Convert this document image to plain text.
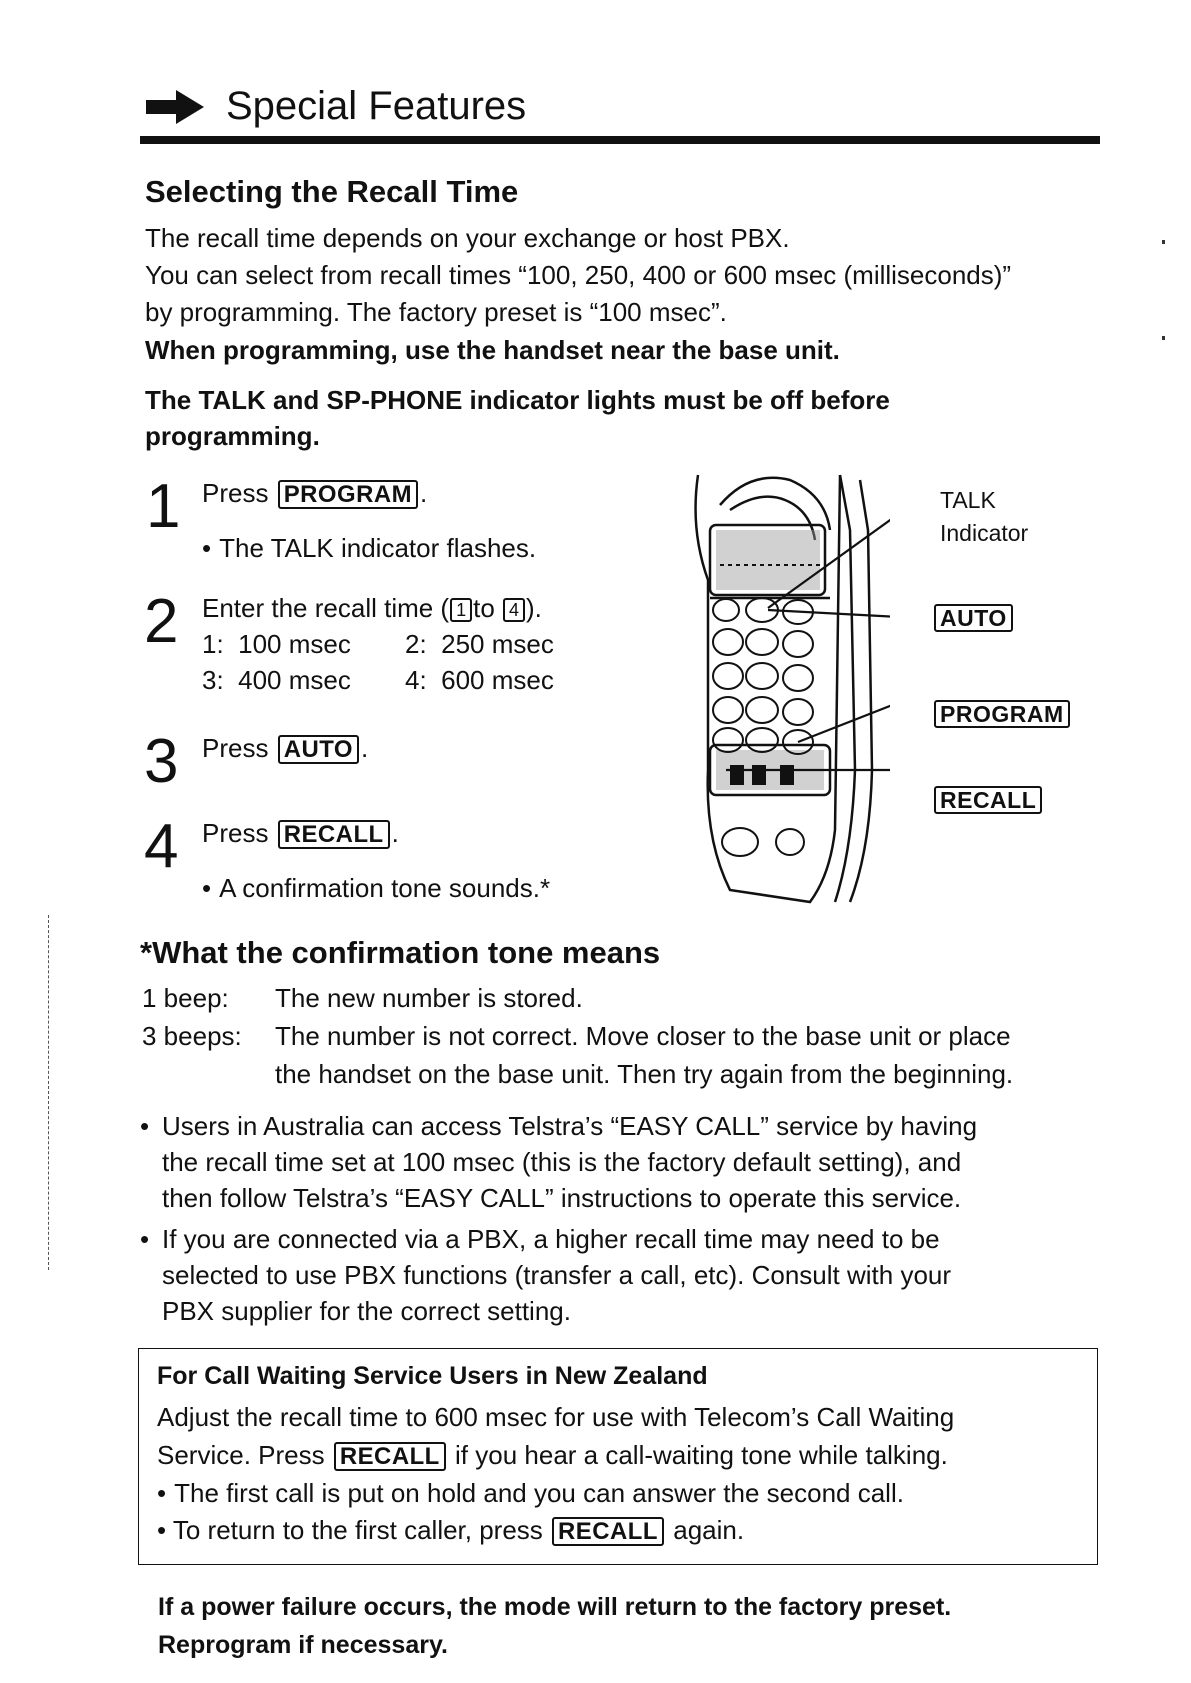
Special Features
Selecting the Recall Time
The recall time depends on your exchange or host PBX.
You can select from recall times “100, 250, 400 or 600 msec (milliseconds)”
by programming. The factory preset is “100 msec”.
When programming, use the handset near the base unit.
The TALK and SP-PHONE indicator lights must be off before
programming.
1 Press PROGRAM .
• The TALK indicator flashes.
2 Enter the recall time ( 1 to 4 ).
1:  100 msec 2:  250 msec
3:  400 msec 4:  600 msec
3 Press AUTO .
4 Press RECALL .
• A confirmation tone sounds.*
TALK
Indicator
AUTO
PROGRAM
RECALL
*What the confirmation tone means
1 beep: The new number is stored.
3 beeps: The number is not correct. Move closer to the base unit or place
the handset on the base unit. Then try again from the beginning.
• Users in Australia can access Telstra’s “EASY CALL” service by having
the recall time set at 100 msec (this is the factory default setting), and
then follow Telstra’s “EASY CALL” instructions to operate this service.
• If you are connected via a PBX, a higher recall time may need to be
selected to use PBX functions (transfer a call, etc). Consult with your
PBX supplier for the correct setting.
For Call Waiting Service Users in New Zealand
Adjust the recall time to 600 msec for use with Telecom’s Call Waiting
Service. Press RECALL if you hear a call-waiting tone while talking.
• The first call is put on hold and you can answer the second call.
• To return to the first caller, press RECALL again.
If a power failure occurs, the mode will return to the factory preset.
Reprogram if necessary.
